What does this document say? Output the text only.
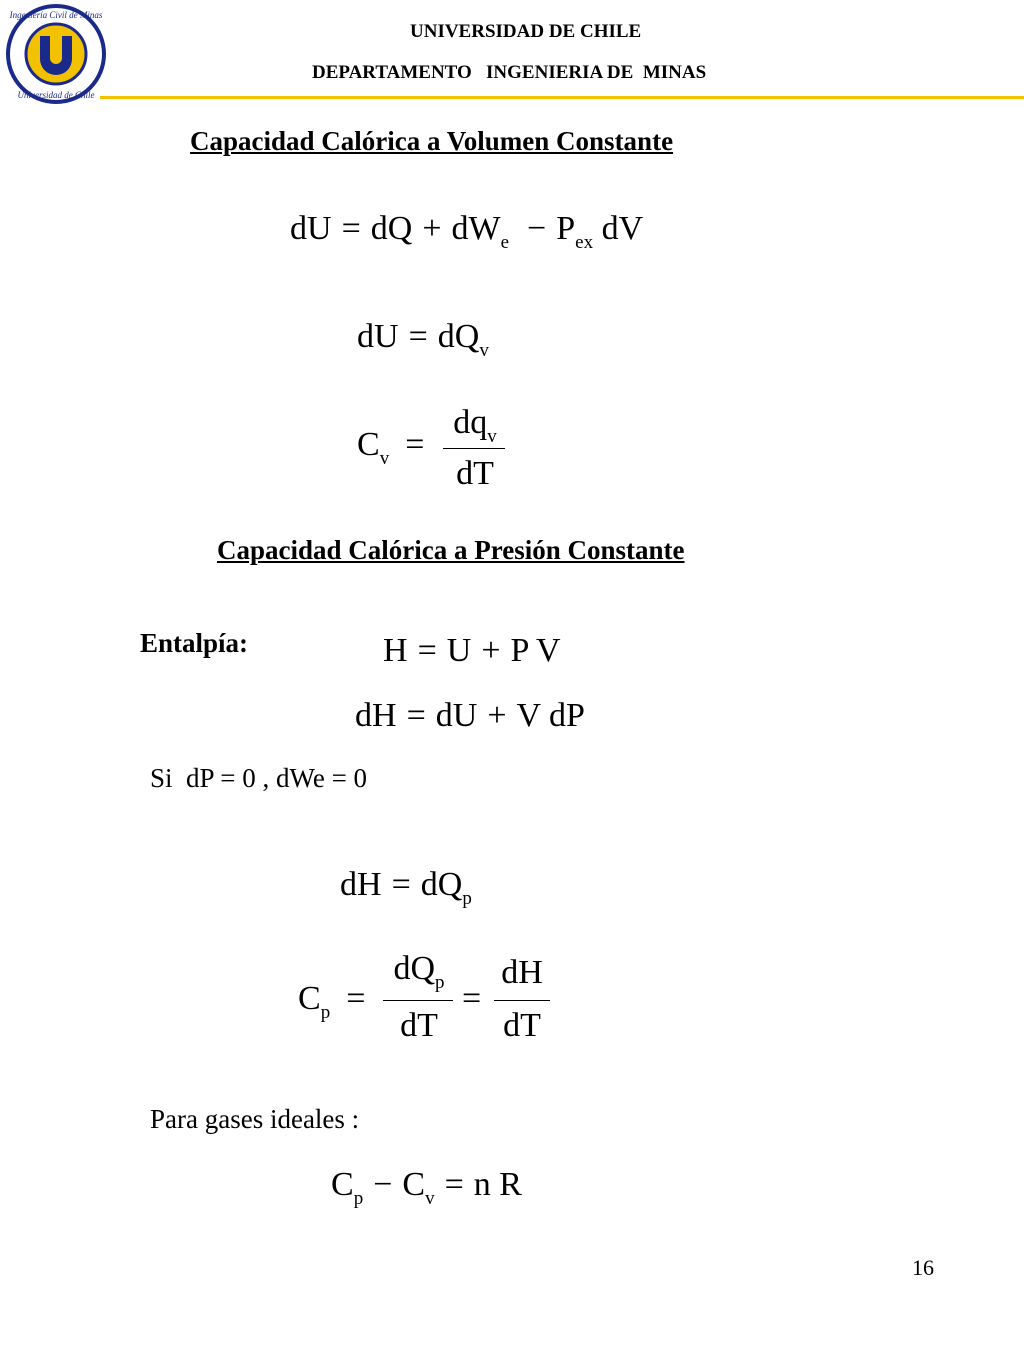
Ingeniería Civil de Minas
Universidad de Chile
UNIVERSIDAD DE CHILE
DEPARTAMENTO   INGENIERIA DE  MINAS
Capacidad Calórica a Volumen Constante
dU = dQ + $dW_e - P_{ex}$ dV
dU = $dQ_v$
$C_v$ =
$dq_v$
dT
Capacidad Calórica a Presión Constante
Entalpía:	H = U + P V
dH = dU + V dP
Si  dP = 0 , dWe = 0
dH = $dQ_p$
$C_p$ =
$dQ_p$
dT
=
dH
dT
Para gases ideales :
$C_p - C_v = n$ R
16
